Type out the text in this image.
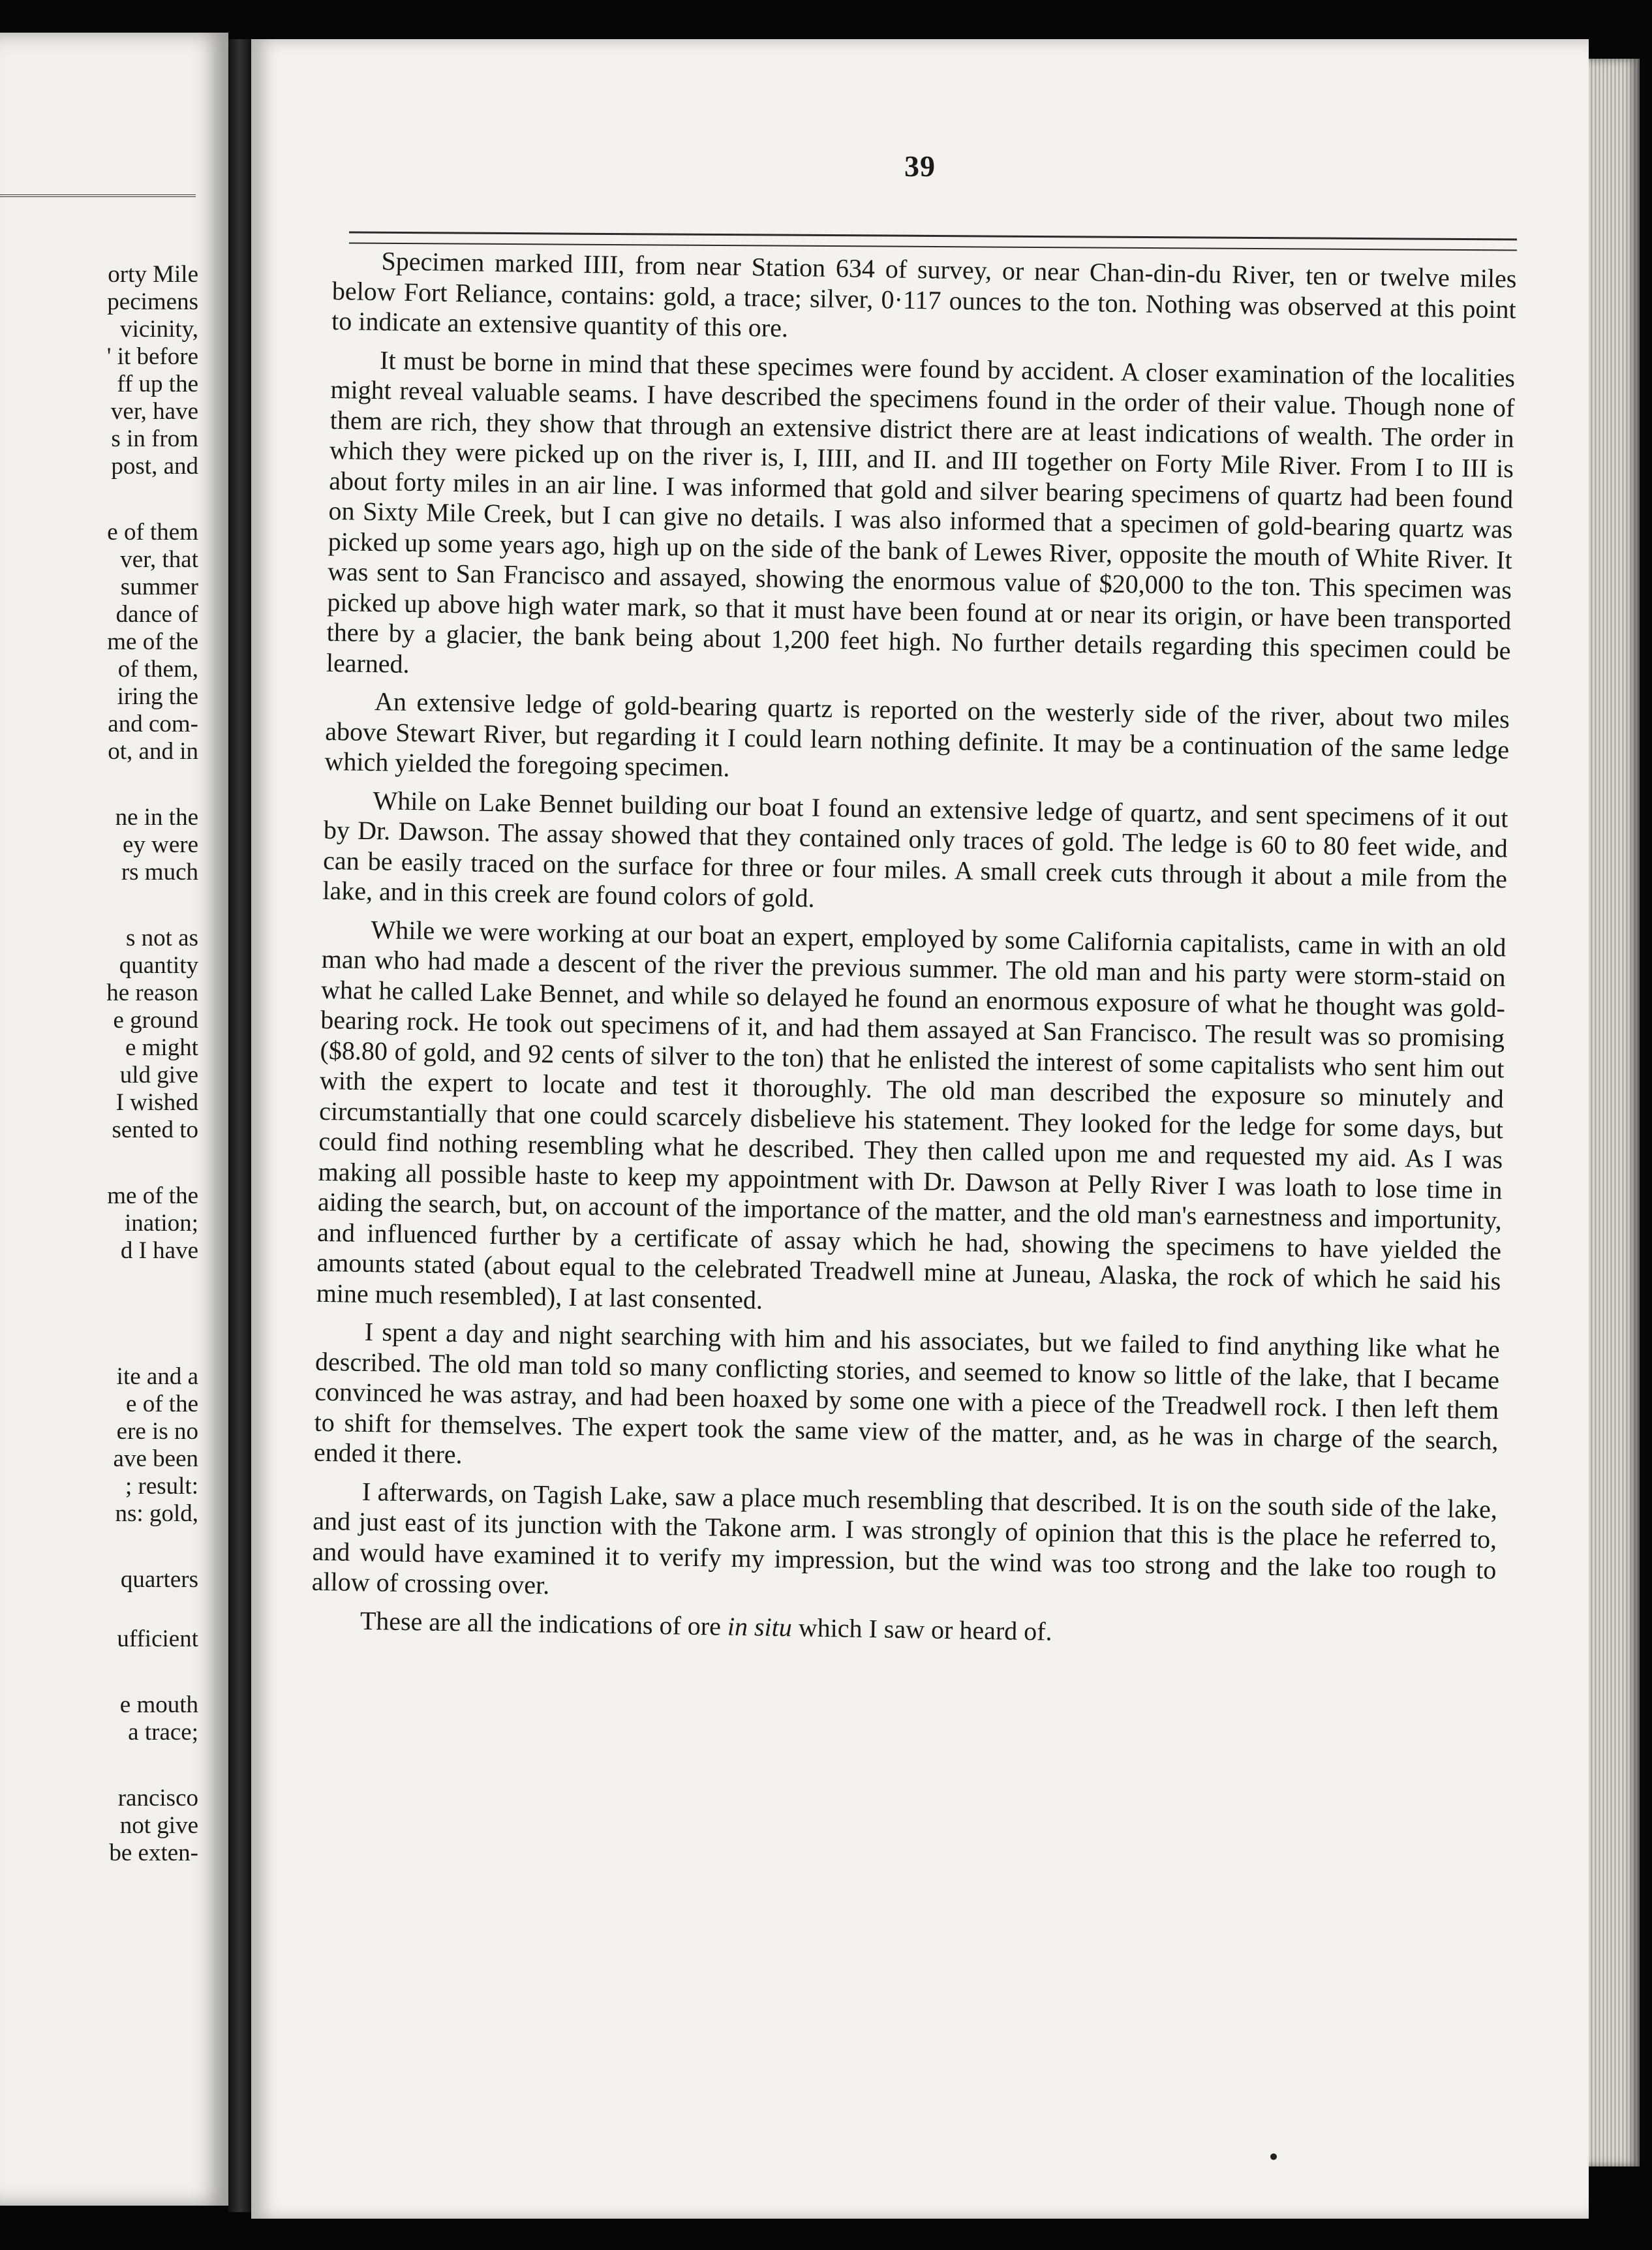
orty Mile
pecimens
vicinity,
' it before
ff up the
ver, have
s in from
post, and
e of them
ver, that
summer
dance of
me of the
of them,
iring the
and com-
ot, and in
ne in the
ey were
rs much
s not as
quantity
he reason
e ground
e might
uld give
I wished
sented to
me of the
ination;
d I have
ite and a
e of the
ere is no
ave been
; result:
ns: gold,
quarters
ufficient
e mouth
a trace;
rancisco
not give
be exten-
39

Specimen marked IIII, from near Station 634 of survey, or near Chan-din-du River, ten or twelve miles below Fort Reliance, contains: gold, a trace; silver, 0·117 ounces to the ton. Nothing was observed at this point to indicate an extensive quantity of this ore.

It must be borne in mind that these specimes were found by accident. A closer examination of the localities might reveal valuable seams. I have described the specimens found in the order of their value. Though none of them are rich, they show that through an extensive district there are at least indications of wealth. The order in which they were picked up on the river is, I, IIII, and II. and III together on Forty Mile River. From I to III is about forty miles in an air line. I was informed that gold and silver bearing specimens of quartz had been found on Sixty Mile Creek, but I can give no details. I was also informed that a specimen of gold-bearing quartz was picked up some years ago, high up on the side of the bank of Lewes River, opposite the mouth of White River. It was sent to San Francisco and assayed, showing the enormous value of $20,000 to the ton. This specimen was picked up above high water mark, so that it must have been found at or near its origin, or have been transported there by a glacier, the bank being about 1,200 feet high. No further details regarding this specimen could be learned.

An extensive ledge of gold-bearing quartz is reported on the westerly side of the river, about two miles above Stewart River, but regarding it I could learn nothing definite. It may be a continuation of the same ledge which yielded the foregoing specimen.

While on Lake Bennet building our boat I found an extensive ledge of quartz, and sent specimens of it out by Dr. Dawson. The assay showed that they contained only traces of gold. The ledge is 60 to 80 feet wide, and can be easily traced on the surface for three or four miles. A small creek cuts through it about a mile from the lake, and in this creek are found colors of gold.

While we were working at our boat an expert, employed by some California capitalists, came in with an old man who had made a descent of the river the previous summer. The old man and his party were storm-staid on what he called Lake Bennet, and while so delayed he found an enormous exposure of what he thought was gold-bearing rock. He took out specimens of it, and had them assayed at San Francisco. The result was so promising ($8.80 of gold, and 92 cents of silver to the ton) that he enlisted the interest of some capitalists who sent him out with the expert to locate and test it thoroughly. The old man described the exposure so minutely and circumstantially that one could scarcely disbelieve his statement. They looked for the ledge for some days, but could find nothing resembling what he described. They then called upon me and requested my aid. As I was making all possible haste to keep my appointment with Dr. Dawson at Pelly River I was loath to lose time in aiding the search, but, on account of the importance of the matter, and the old man's earnestness and importunity, and influenced further by a certificate of assay which he had, showing the specimens to have yielded the amounts stated (about equal to the celebrated Treadwell mine at Juneau, Alaska, the rock of which he said his mine much resembled), I at last consented.

I spent a day and night searching with him and his associates, but we failed to find anything like what he described. The old man told so many conflicting stories, and seemed to know so little of the lake, that I became convinced he was astray, and had been hoaxed by some one with a piece of the Treadwell rock. I then left them to shift for themselves. The expert took the same view of the matter, and, as he was in charge of the search, ended it there.

I afterwards, on Tagish Lake, saw a place much resembling that described. It is on the south side of the lake, and just east of its junction with the Takone arm. I was strongly of opinion that this is the place he referred to, and would have examined it to verify my impression, but the wind was too strong and the lake too rough to allow of crossing over.

These are all the indications of ore in situ which I saw or heard of.
